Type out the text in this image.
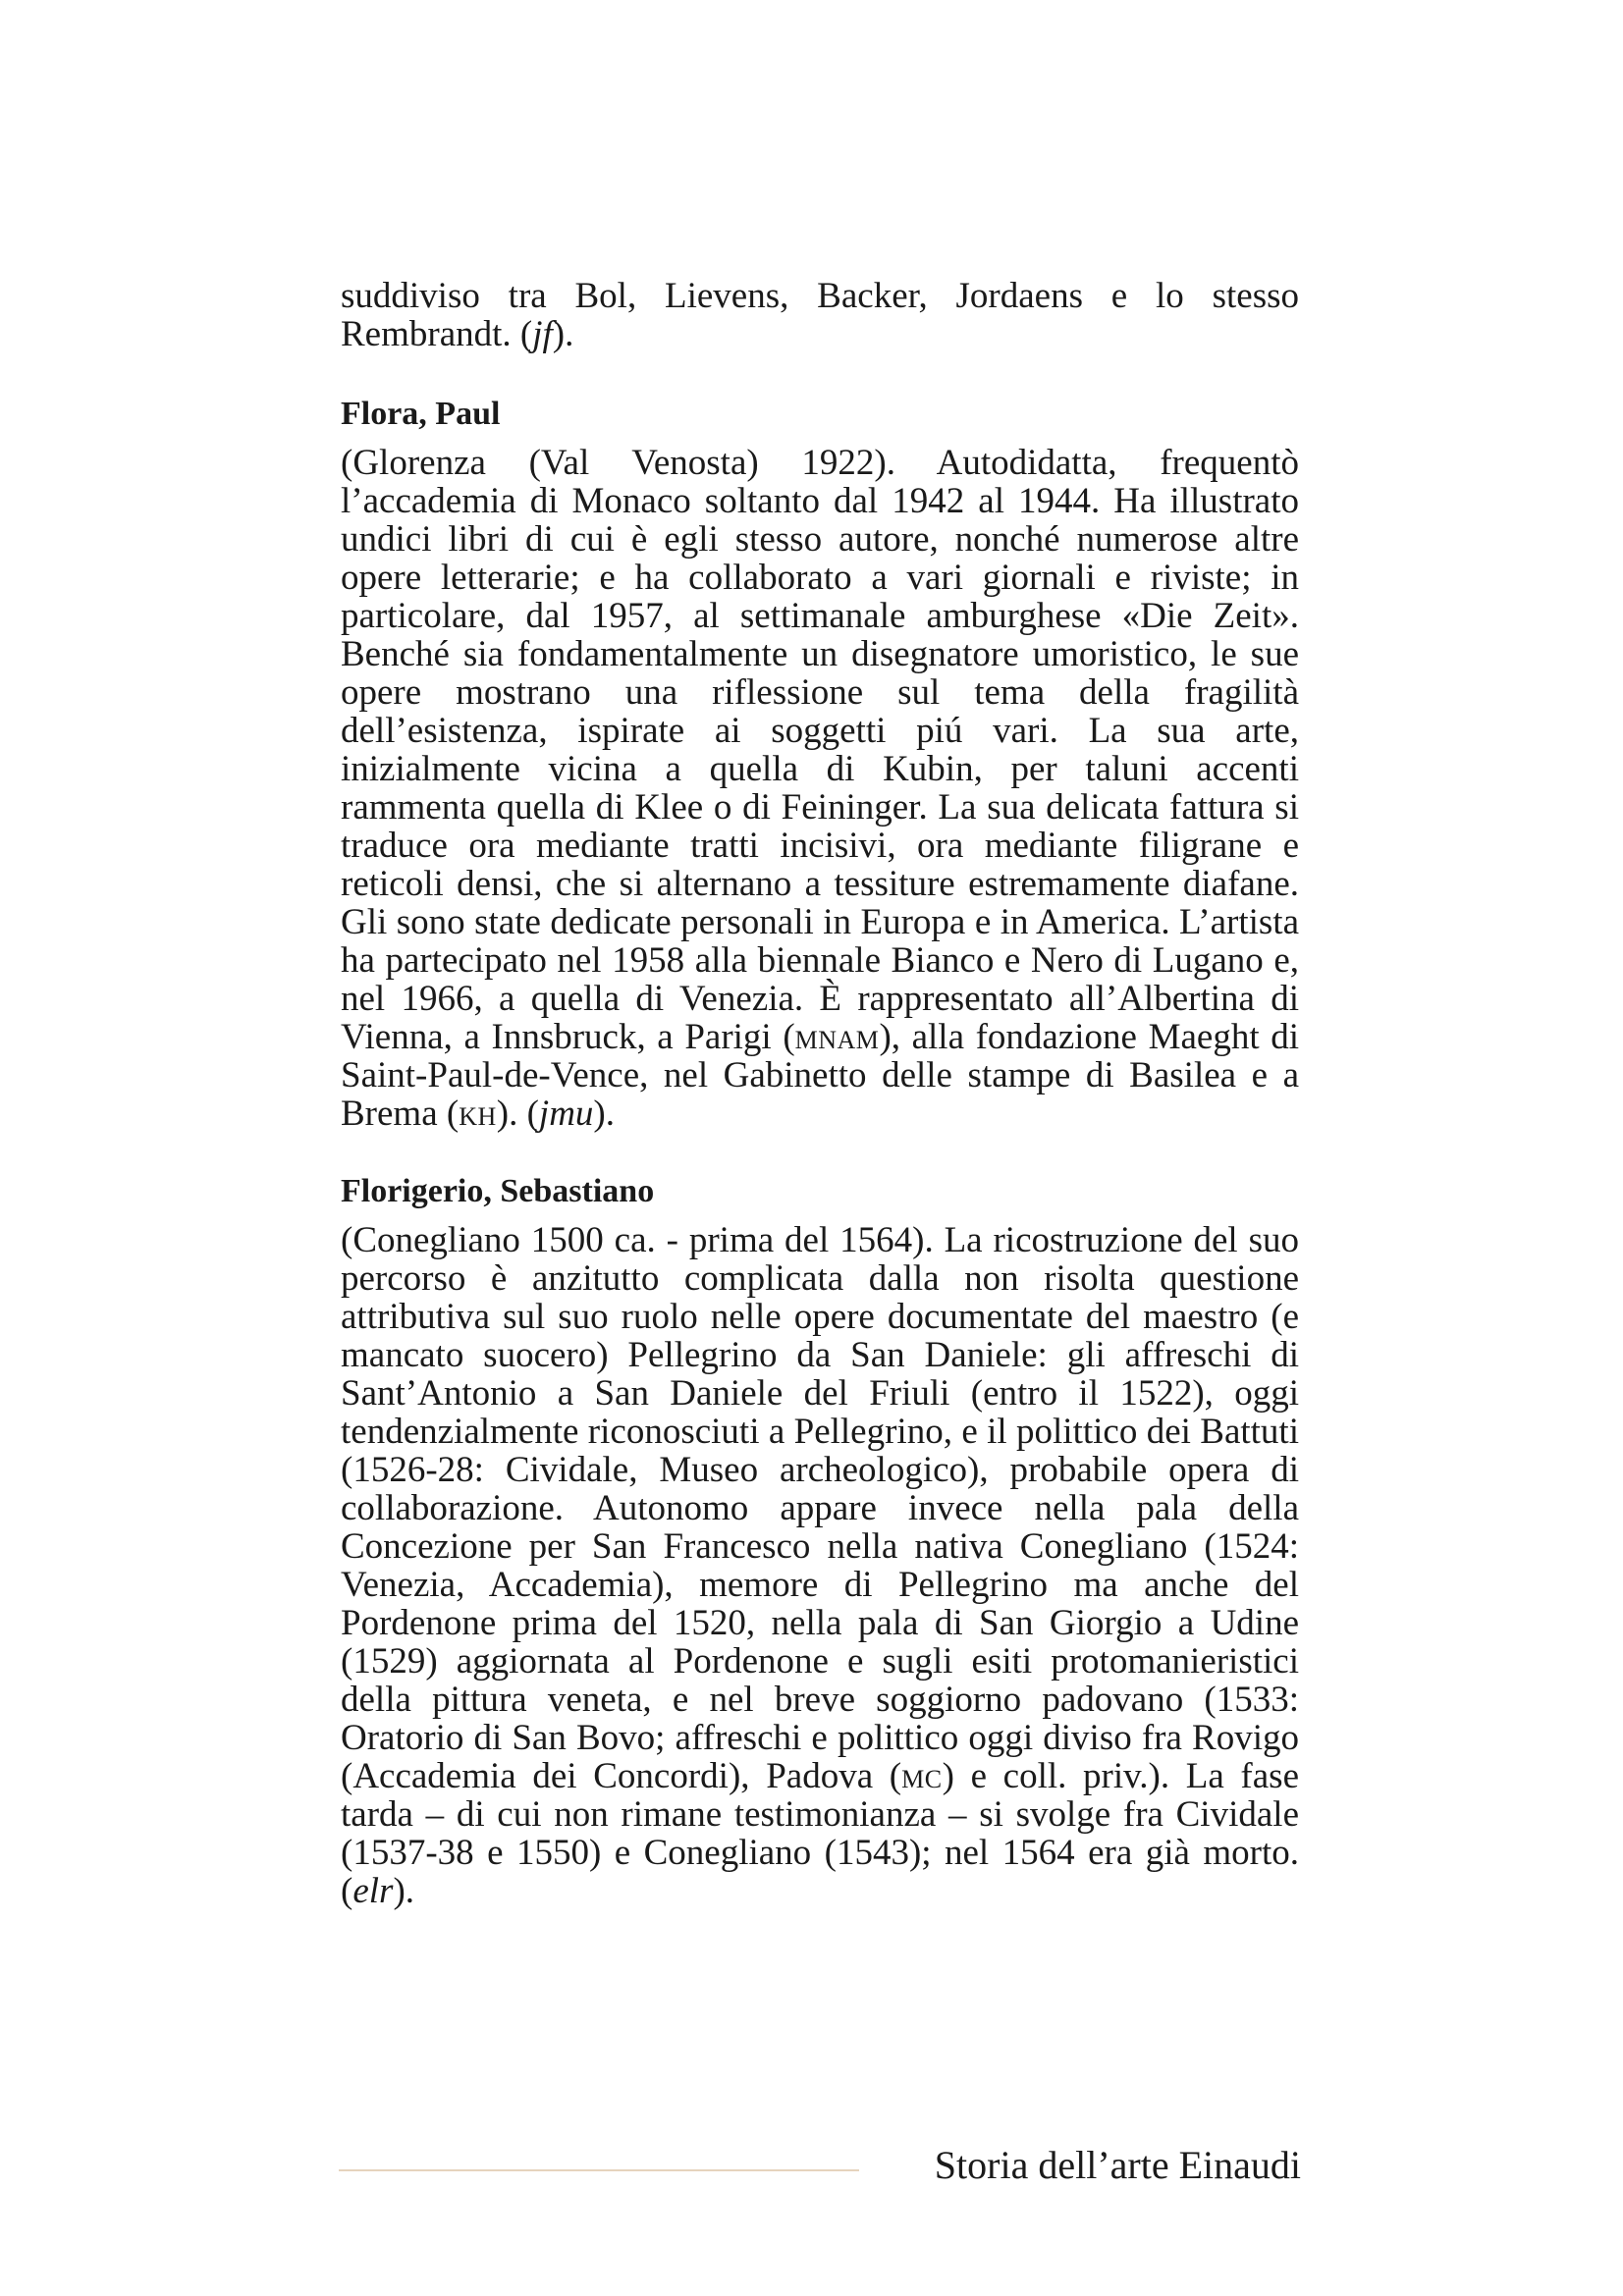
suddiviso tra Bol, Lievens, Backer, Jordaens e lo stesso Rembrandt. (jf).

Flora, Paul

(Glorenza (Val Venosta) 1922). Autodidatta, frequentò l’accademia di Monaco soltanto dal 1942 al 1944. Ha illustrato undici libri di cui è egli stesso autore, nonché numerose altre opere letterarie; e ha collaborato a vari giornali e riviste; in particolare, dal 1957, al settimanale amburghese «Die Zeit». Benché sia fondamentalmente un disegnatore umoristico, le sue opere mostrano una riflessione sul tema della fragilità dell’esistenza, ispirate ai soggetti piú vari. La sua arte, inizialmente vicina a quella di Kubin, per taluni accenti rammenta quella di Klee o di Feininger. La sua delicata fattura si traduce ora mediante tratti incisivi, ora mediante filigrane e reticoli densi, che si alternano a tessiture estremamente diafane. Gli sono state dedicate personali in Europa e in America. L’artista ha partecipato nel 1958 alla biennale Bianco e Nero di Lugano e, nel 1966, a quella di Venezia. È rappresentato all’Albertina di Vienna, a Innsbruck, a Parigi (mnam), alla fondazione Maeght di Saint-Paul-de-Vence, nel Gabinetto delle stampe di Basilea e a Brema (kh). (jmu).

Florigerio, Sebastiano

(Conegliano 1500 ca. - prima del 1564). La ricostruzione del suo percorso è anzitutto complicata dalla non risolta questione attributiva sul suo ruolo nelle opere documentate del maestro (e mancato suocero) Pellegrino da San Daniele: gli affreschi di Sant’Antonio a San Daniele del Friuli (entro il 1522), oggi tendenzialmente riconosciuti a Pellegrino, e il polittico dei Battuti (1526-28: Cividale, Museo archeologico), probabile opera di collaborazione. Autonomo appare invece nella pala della Concezione per San Francesco nella nativa Conegliano (1524: Venezia, Accademia), memore di Pellegrino ma anche del Pordenone prima del 1520, nella pala di San Giorgio a Udine (1529) aggiornata al Pordenone e sugli esiti protomanieristici della pittura veneta, e nel breve soggiorno padovano (1533: Oratorio di San Bovo; affreschi e polittico oggi diviso fra Rovigo (Accademia dei Concordi), Padova (mc) e coll. priv.). La fase tarda – di cui non rimane testimonianza – si svolge fra Cividale (1537-38 e 1550) e Conegliano (1543); nel 1564 era già morto. (elr).

Storia dell’arte Einaudi
